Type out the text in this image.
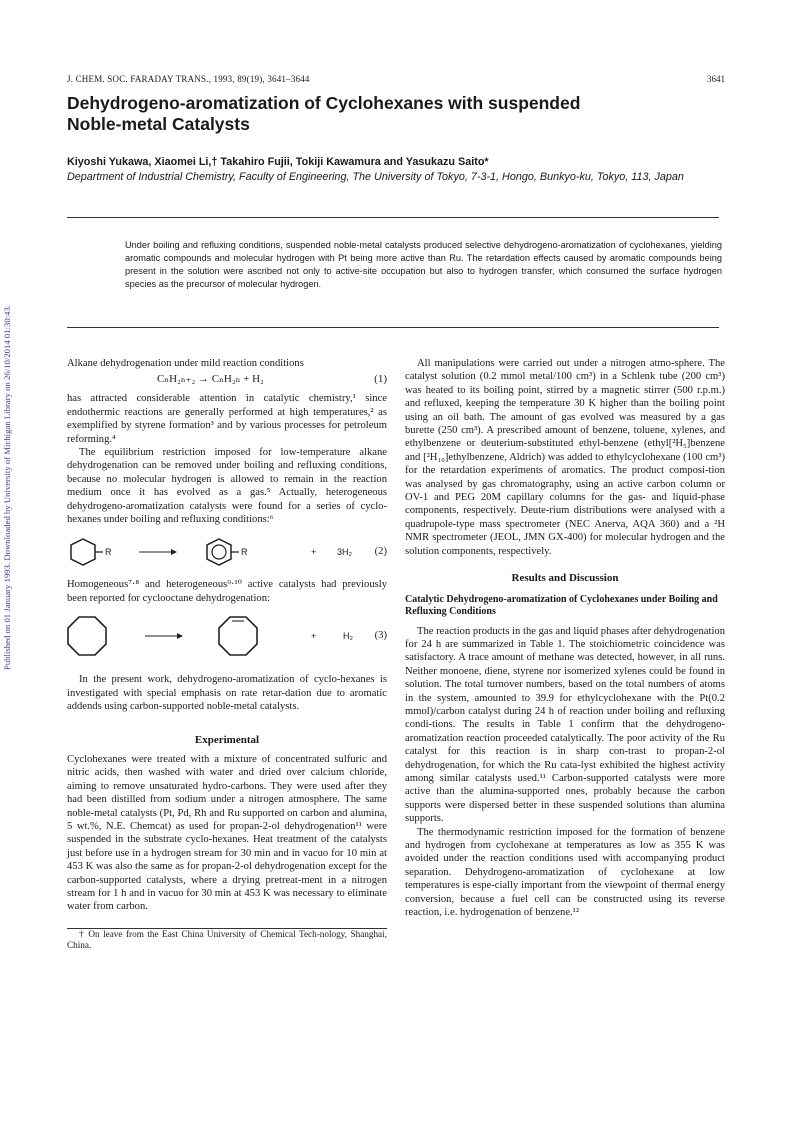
Published on 01 January 1993. Downloaded by University of Michigan Library on 26/10/2014 01:30:43.
J. CHEM. SOC. FARADAY TRANS., 1993, 89(19), 3641–3644	3641
Dehydrogeno-aromatization of Cyclohexanes with suspended
Noble-metal Catalysts
Kiyoshi Yukawa, Xiaomei Li,† Takahiro Fujii, Tokiji Kawamura and Yasukazu Saito*
Department of Industrial Chemistry, Faculty of Engineering, The University of Tokyo, 7-3-1, Hongo, Bunkyo-ku, Tokyo, 113, Japan
Under boiling and refluxing conditions, suspended noble-metal catalysts produced selective dehydrogeno-aromatization of cyclohexanes, yielding aromatic compounds and molecular hydrogen with Pt being more active than Ru. The retardation effects caused by aromatic compounds being present in the solution were ascribed not only to active-site occupation but also to hydrogen transfer, which consumed the surface hydrogen species as the precursor of molecular hydrogen.

Alkane dehydrogenation under mild reaction conditions

CₙH₂ₙ₊₂ → CₙH₂ₙ + H₂	(1)

has attracted considerable attention in catalytic chemistry,¹ since endothermic reactions are generally performed at high temperatures,² as exemplified by styrene formation³ and by various processes for petroleum reforming.⁴

The equilibrium restriction imposed for low-temperature alkane dehydrogenation can be removed under boiling and refluxing conditions, because no molecular hydrogen is allowed to remain in the reaction medium once it has evolved as a gas.⁵ Actually, heterogeneous dehydrogeno-aromatization catalysts were found for a series of cyclo-hexanes under boiling and refluxing conditions:⁶

R	R	+ 3H₂ (2)

Homogeneous⁷·⁸ and heterogeneous⁹·¹⁰ active catalysts had previously been reported for cyclooctane dehydrogenation:

+	H₂ (3)

In the present work, dehydrogeno-aromatization of cyclo-hexanes is investigated with special emphasis on rate retar-dation due to aromatic addends using carbon-supported noble-metal catalysts.

Experimental

Cyclohexanes were treated with a mixture of concentrated sulfuric and nitric acids, then washed with water and dried over calcium chloride, aiming to remove unsaturated hydro-carbons. They were used after they had been distilled from sodium under a nitrogen atmosphere. The same noble-metal catalysts (Pt, Pd, Rh and Ru supported on carbon and alumina, 5 wt.%, N.E. Chemcat) as used for propan-2-ol dehydrogenation¹¹ were suspended in the substrate cyclo-hexanes. Heat treatment of the catalysts just before use in a hydrogen stream for 30 min and in vacuo for 10 min at 453 K was also the same as for propan-2-ol dehydrogenation except for the carbon-supported catalysts, where a drying pretreat-ment in a nitrogen stream for 1 h and in vacuo for 30 min at 453 K was necessary to eliminate water from carbon.

† On leave from the East China University of Chemical Tech-nology, Shanghai, China.

All manipulations were carried out under a nitrogen atmo-sphere. The catalyst solution (0.2 mmol metal/100 cm³) in a Schlenk tube (200 cm³) was heated to its boiling point, stirred by a magnetic stirrer (500 r.p.m.) and refluxed, keeping the temperature 30 K higher than the boiling point using an oil bath. The amount of gas evolved was measured by a gas burette (250 cm³). A prescribed amount of benzene, toluene, xylenes, and ethylbenzene or deuterium-substituted ethyl-benzene (ethyl[²H₅]benzene and [²H₁₀]ethylbenzene, Aldrich) was added to ethylcyclohexane (100 cm³) for the retardation experiments of aromatics. The product composi-tion was analysed by gas chromatography, using an active carbon column or OV-1 and PEG 20M capillary columns for the gas- and liquid-phase components, respectively. Deute-rium distributions were analysed with a quadrupole-type mass spectrometer (NEC Anerva, AQA 360) and a ²H NMR spectrometer (JEOL, JMN GX-400) for molecular hydrogen and the solution components, respectively.

Results and Discussion
Catalytic Dehydrogeno-aromatization of Cyclohexanes under Boiling and Refluxing Conditions

The reaction products in the gas and liquid phases after dehydrogenation for 24 h are summarized in Table 1. The stoichiometric coincidence was satisfactory. A trace amount of methane was detected, however, in all runs. Neither monoene, diene, styrene nor isomerized xylenes could be found in solution. The total turnover numbers, based on the total numbers of atoms in the system, amounted to 39.9 for ethylcyclohexane with the Pt(0.2 mmol)/carbon catalyst during 24 h of reaction under boiling and refluxing condi-tions. The results in Table 1 confirm that the dehydrogeno-aromatization reaction proceeded catalytically. The poor activity of the Ru catalyst for this reaction is in sharp con-trast to propan-2-ol dehydrogenation, for which the Ru cata-lyst exhibited the highest activity among similar catalysts used.¹¹ Carbon-supported catalysts were more active than the alumina-supported ones, probably because the carbon supports were dispersed better in these suspended solutions than alumina supports.

The thermodynamic restriction imposed for the formation of benzene and hydrogen from cyclohexane at temperatures as low as 355 K was avoided under the reaction conditions used with accompanying product separation. Dehydrogeno-aromatization of cyclohexane at low temperatures is espe-cially important from the viewpoint of thermal energy conversion, because a fuel cell can be constructed using its reverse reaction, i.e. hydrogenation of benzene.¹²
